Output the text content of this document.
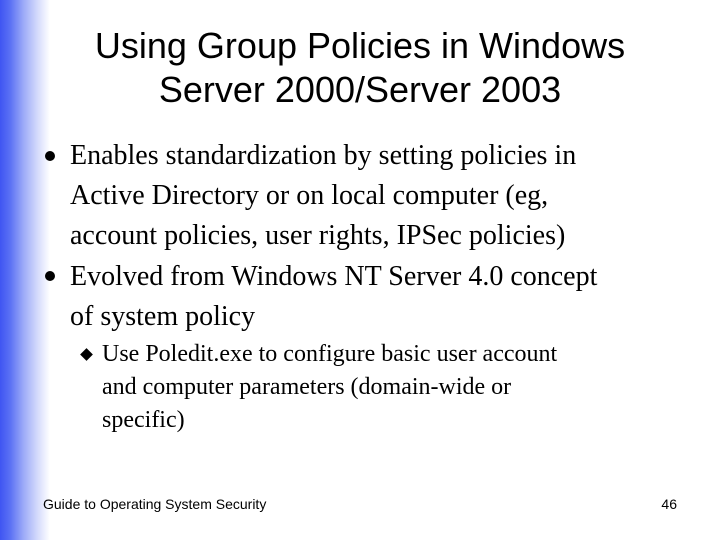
Using Group Policies in Windows
Server 2000/Server 2003
Enables standardization by setting policies in
Active Directory or on local computer (eg,
account policies, user rights, IPSec policies)
Evolved from Windows NT Server 4.0 concept
of system policy
Use Poledit.exe to configure basic user account
and computer parameters (domain-wide or
specific)
Guide to Operating System Security	46
